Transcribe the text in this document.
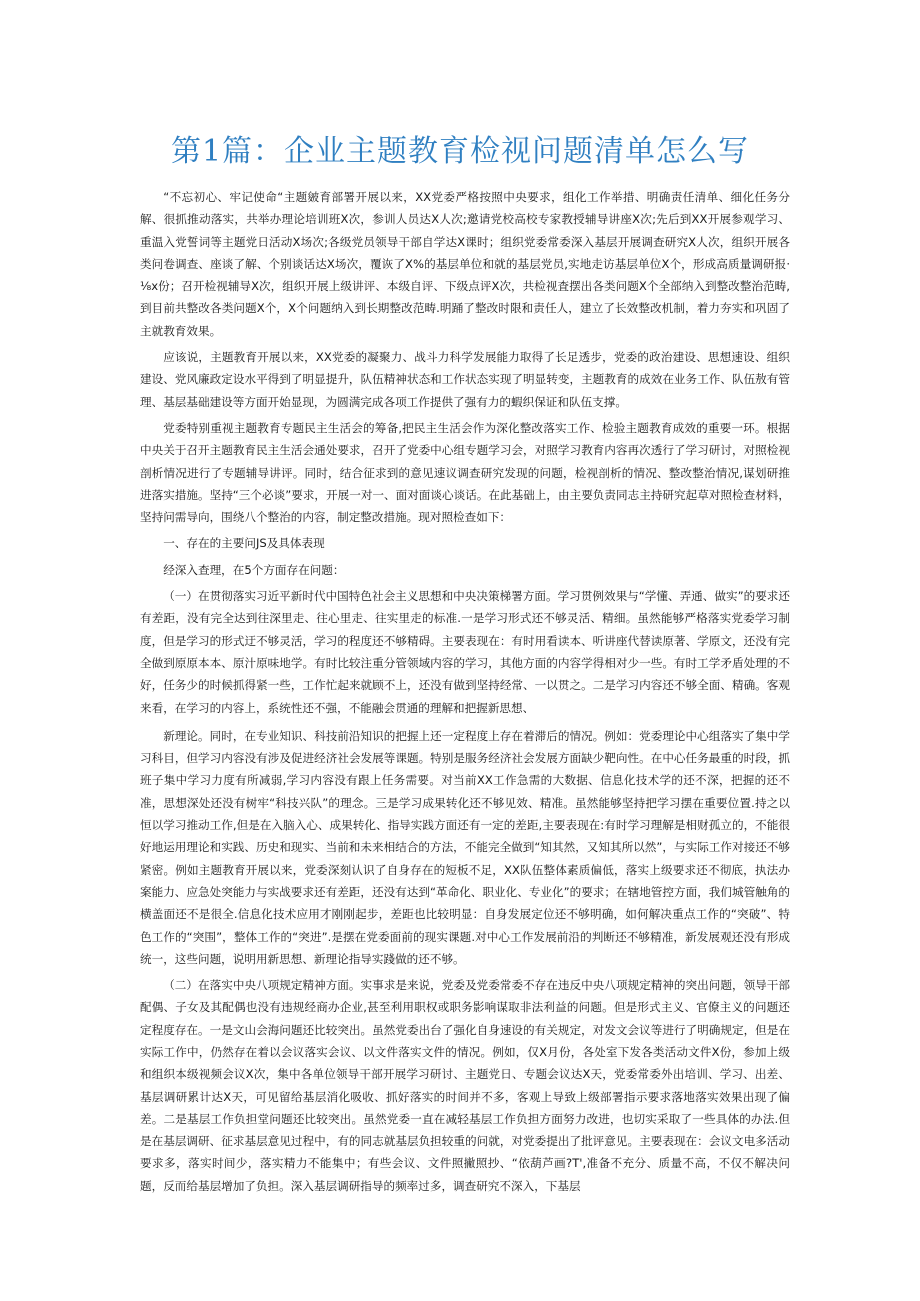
第1篇：企业主题教育检视问题清单怎么写

“不忘初心、牢记使命“主题皴育部署开展以来，XX党委严格按照中央要求，组化工作举措、明确责任清单、细化任务分解、很抓推动落实，共举办理论培训班X次，参训人员达X人次;邀请党校高校专家教授辅导讲座X次;先后到XX开展参观学习、重温入党誓词等主题党日活动X场次;各级党员领导干部自学达X课时；组织党委常委深入基层开展调查研究X人次，组织开展各类问卷调查、座谈了解、个别谈话达X场次，覆诙了X%的基层单位和就的基层党员,实地走访基层单位X个，形成高质量调研报·⅛x份；召开检视辅导X次，组织开展上级讲评、本级自评、下级点评X次，共检视査摆出各类问题X个全部纳入到整改整治范畴,到目前共整改各类问题X个，X个问题纳入到长期整改范畴.明踊了整改时限和责任人，建立了长效整改机制，着力夯实和巩固了主就教育效果。

应该说，主题教育开展以来，XX党委的凝聚力、战斗力科学发展能力取得了长足透步，党委的政治建设、思想速设、组织建设、党风廉政定设水平得到了明显提升，队伍精神状态和工作状态实现了明显转变，主题教育的成效在业务工作、队伍敖有管理、基层基础建设等方面开始显现，为圆满完成各项工作提供了强有力的蝦织保证和队伍支撑。

党委特别重视主题教育专题民主生活会的筹备,把民主生活会作为深化整改落实工作、检验主题教育成效的重要一环。根据中央关于召开主题教育民主生活会通处要求，召开了党委中心组专题学习会，对照学习教育内容再次透行了学习研讨，对照检视剖析情况进行了专题辅导讲评。同时，结合征求到的意见速议调查研究发现的问题，检视剖析的情况、整改整治情况,谋划研推进落实措施。坚持“三个必谈”要求，开展一对一、面对面谈心谈话。在此基础上，由主要负责同志主持研究起草对照检查材料，坚持问需导向，围绕八个整治的内容，制定整改措施。现对照检查如下：

一、存在的主要问JS及具体表现

经深入查理，在5个方面存在问题：

（一）在贯彻落实习近平新时代中国特色社会主义思想和中央决策梯署方面。学习贯例效果与“学懂、弄通、做实”的要求还有差距，没有完全达到往深里走、往心里走、往实里走的标准.一是学习形式还不够灵活、精细。虽然能够严格落实党委学习制度，但是学习的形式迂不够灵活，学习的程度还不够精碍。主要表现在：有时用看读本、听讲座代替读原著、学原文，还没有完全做到原原本本、原汁原味地学。有时比较注重分管领域内容的学习，其他方面的内容学得相对少一些。有时工学矛盾处理的不好，任务少的时候抓得紧一些，工作忙起来就顾不上，还没有做到坚持经常、一以贯之。二是学习内容还不够全面、精确。客观来看，在学习的内容上，系统性还不强，不能融会贯通的理解和把握新思想、

新理论。同时，在专业知识、科技前沿知识的把握上还一定程度上存在着滞后的情况。例如：党委理论中心组落实了集中学习科目，但学习内容没有涉及促进经济社会发展等课题。特别是服务经济社会发展方面缺少靶向性。在中心任务最重的时段，抓班子集中学习力度有所减弱,学习内容没有跟上任务需要。对当前XX工作急需的大数据、信息化技术学的还不深，把握的还不准，思想深处还没有树牢“科技兴队”的理念。三是学习成果转化还不够见效、精准。虽然能够坚持把学习摆在重要位置.持之以恒以学习推动工作,但是在入脑入心、成果转化、指导实践方面还有一定的差距,主要表现在:有时学习理解是相财孤立的，不能很好地运用理论和实践、历史和现实、当前和未来相结合的方法，不能完全做到“知其然，又知其所以然”，与实际工作对接还不够紧密。例如主题教育开展以来，党委深刻认识了自身存在的短板不足，XX队伍整体素质偏低，落实上级要求还不彻底，执法办案能力、应急处突能力与实战要求还有差距，还没有达到“革命化、职业化、专业化”的要求；在辖地管控方面，我们城管触角的横盖面还不是很全.信息化技术应用才刚刚起步，差距也比较明显：自身发展定位还不够明确，如何解决重点工作的“突破”、特色工作的“突围”，整体工作的“突进”.是摆在党委面前的现实课题.对中心工作发展前沿的判断还不够精准，新发展观还没有形成统一，这些问题，说明用新思想、新理论指导实踐做的还不够。

（二）在落实中央八项规定精神方面。实事求是来说，党委及党委常委不存在违反中央八项规定精神的突出问题，领导干部配偶、子女及其配偶也没有违规经商办企业,甚至利用职权或职务影响谋取非法利益的问题。但是形式主义、官僚主义的问题还定程度存在。一是文山会海问题还比较突出。虽然党委出台了强化自身速设的有关规定，对发文会议等进行了明确规定，但是在实际工作中，仍然存在着以会议落实会议、以文件落实文件的情况。例如，仅X月份，各处室下发各类活动文件X份，参加上级和组织本级视频会议X次，集中各单位领导干部开展学习研讨、主题党日、专题会议达X天，党委常委外出培训、学习、出差、基层调研累计达X天，可见留给基层消化吸收、抓好落实的时间并不多，客观上导致上级部署指示要求落地落实效果出现了偏差。二是基层工作负担堂问题还比较突出。虽然党委一直在减轻基层工作负担方面努力改进，也切实采取了一些具体的办法.但是在基层调研、征求基层意见过程中，有的同志就基层负担较重的问就，对党委提出了批评意见。主要表现在：会议文电多活动要求多，落实时间少，落实精力不能集中；有些会议、文件照撇照抄、“依葫芦画?T',准备不充分、质量不高，不仅不解决问题，反而给基层增加了负担。深入基层调研指导的频率过多，调查研究不深入，下基层
